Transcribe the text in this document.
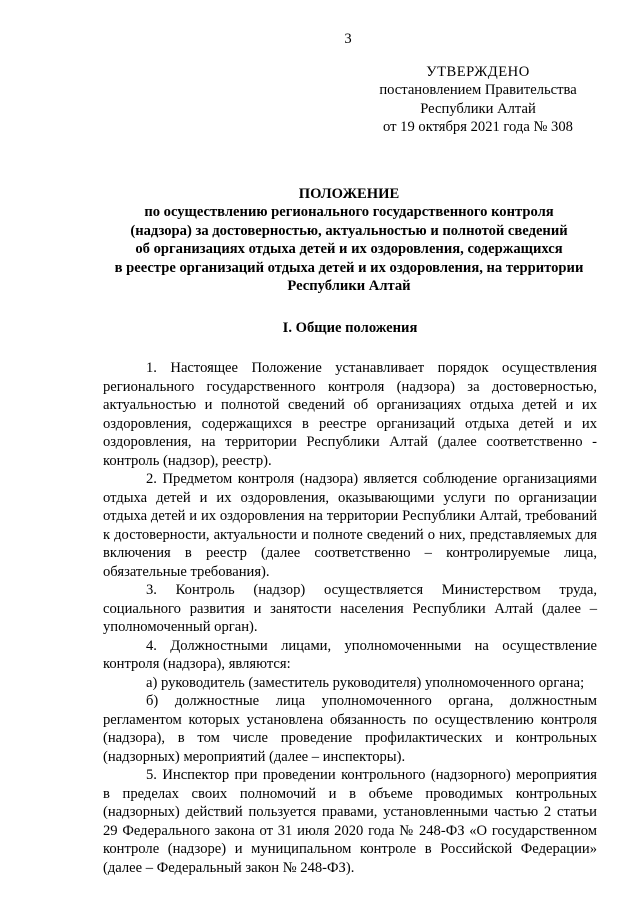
3
УТВЕРЖДЕНО
постановлением Правительства
Республики Алтай
от 19 октября 2021 года № 308
ПОЛОЖЕНИЕ
по осуществлению регионального государственного контроля
(надзора) за достоверностью, актуальностью и полнотой сведений
об организациях отдыха детей и их оздоровления, содержащихся
в реестре организаций отдыха детей и их оздоровления, на территории
Республики Алтай
I. Общие положения

1. Настоящее Положение устанавливает порядок осуществления регионального государственного контроля (надзора) за достоверностью, актуальностью и полнотой сведений об организациях отдыха детей и их оздоровления, содержащихся в реестре организаций отдыха детей и их оздоровления, на территории Республики Алтай (далее соответственно - контроль (надзор), реестр).

2. Предметом контроля (надзора) является соблюдение организациями отдыха детей и их оздоровления, оказывающими услуги по организации отдыха детей и их оздоровления на территории Республики Алтай, требований к достоверности, актуальности и полноте сведений о них, представляемых для включения в реестр (далее соответственно – контролируемые лица, обязательные требования).

3. Контроль (надзор) осуществляется Министерством труда, социального развития и занятости населения Республики Алтай (далее – уполномоченный орган).

4. Должностными лицами, уполномоченными на осуществление контроля (надзора), являются:

а) руководитель (заместитель руководителя) уполномоченного органа;

б) должностные лица уполномоченного органа, должностным регламентом которых установлена обязанность по осуществлению контроля (надзора), в том числе проведение профилактических и контрольных (надзорных) мероприятий (далее – инспекторы).

5. Инспектор при проведении контрольного (надзорного) мероприятия в пределах своих полномочий и в объеме проводимых контрольных (надзорных) действий пользуется правами, установленными частью 2 статьи 29 Федерального закона от 31 июля 2020 года № 248-ФЗ «О государственном контроле (надзоре) и муниципальном контроле в Российской Федерации» (далее – Федеральный закон № 248-ФЗ).
